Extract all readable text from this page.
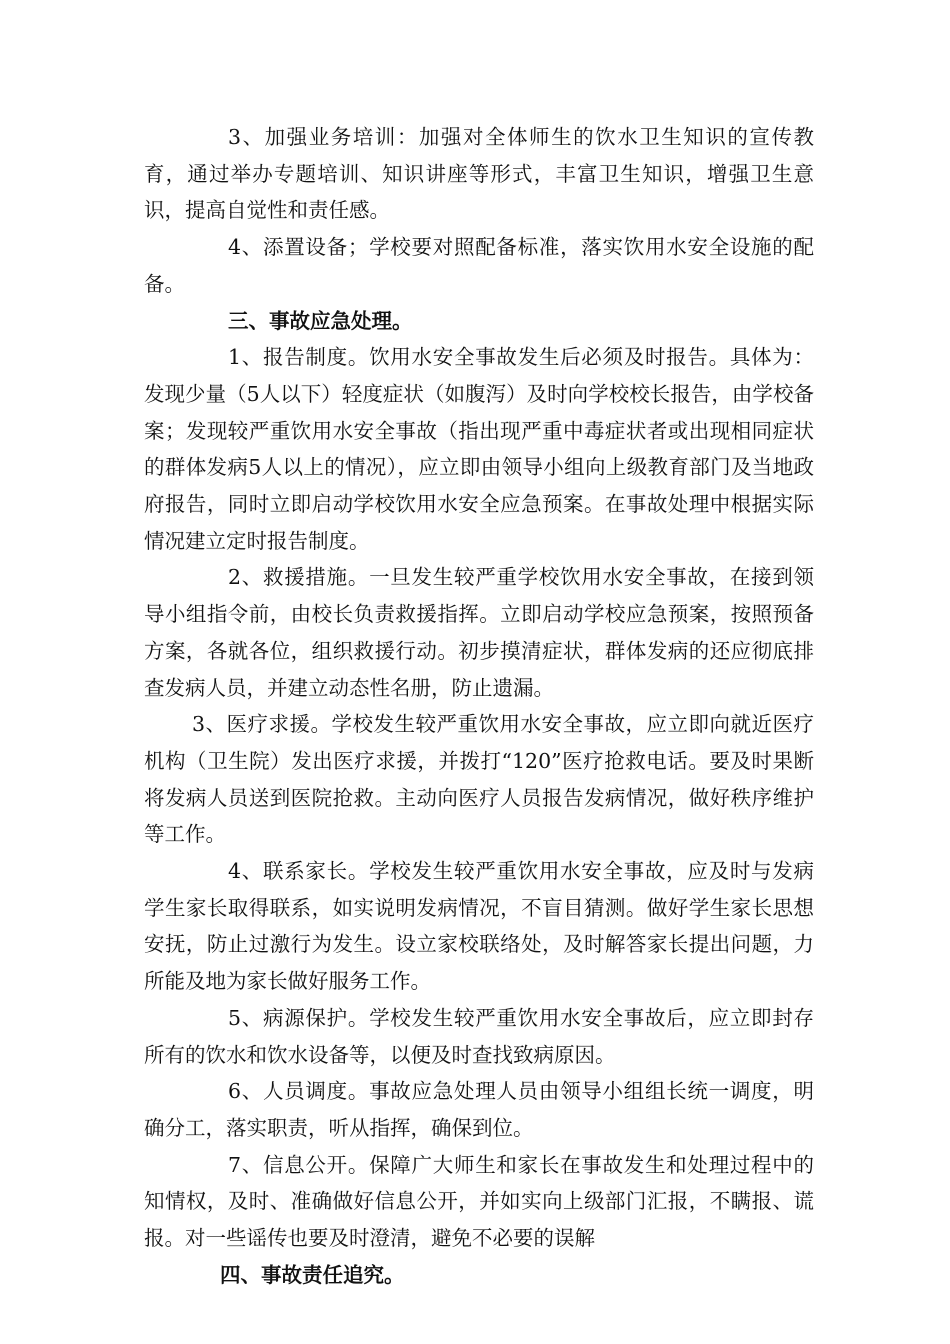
3、加强业务培训：加强对全体师生的饮水卫生知识的宣传教育，通过举办专题培训、知识讲座等形式，丰富卫生知识，增强卫生意识，提高自觉性和责任感。

4、添置设备；学校要对照配备标准，落实饮用水安全设施的配备。

三、事故应急处理。

1、报告制度。饮用水安全事故发生后必须及时报告。具体为：发现少量（5人以下）轻度症状（如腹泻）及时向学校校长报告，由学校备案；发现较严重饮用水安全事故（指出现严重中毒症状者或出现相同症状的群体发病5人以上的情况），应立即由领导小组向上级教育部门及当地政府报告，同时立即启动学校饮用水安全应急预案。在事故处理中根据实际情况建立定时报告制度。

2、救援措施。一旦发生较严重学校饮用水安全事故，在接到领导小组指令前，由校长负责救援指挥。立即启动学校应急预案，按照预备方案，各就各位，组织救援行动。初步摸清症状，群体发病的还应彻底排查发病人员，并建立动态性名册，防止遗漏。

3、医疗求援。学校发生较严重饮用水安全事故，应立即向就近医疗机构（卫生院）发出医疗求援，并拨打“120”医疗抢救电话。要及时果断将发病人员送到医院抢救。主动向医疗人员报告发病情况，做好秩序维护等工作。

4、联系家长。学校发生较严重饮用水安全事故，应及时与发病学生家长取得联系，如实说明发病情况，不盲目猜测。做好学生家长思想安抚，防止过激行为发生。设立家校联络处，及时解答家长提出问题，力所能及地为家长做好服务工作。

5、病源保护。学校发生较严重饮用水安全事故后，应立即封存所有的饮水和饮水设备等，以便及时查找致病原因。

6、人员调度。事故应急处理人员由领导小组组长统一调度，明确分工，落实职责，听从指挥，确保到位。

7、信息公开。保障广大师生和家长在事故发生和处理过程中的知情权，及时、准确做好信息公开，并如实向上级部门汇报，不瞒报、谎报。对一些谣传也要及时澄清，避免不必要的误解

四、事故责任追究。
